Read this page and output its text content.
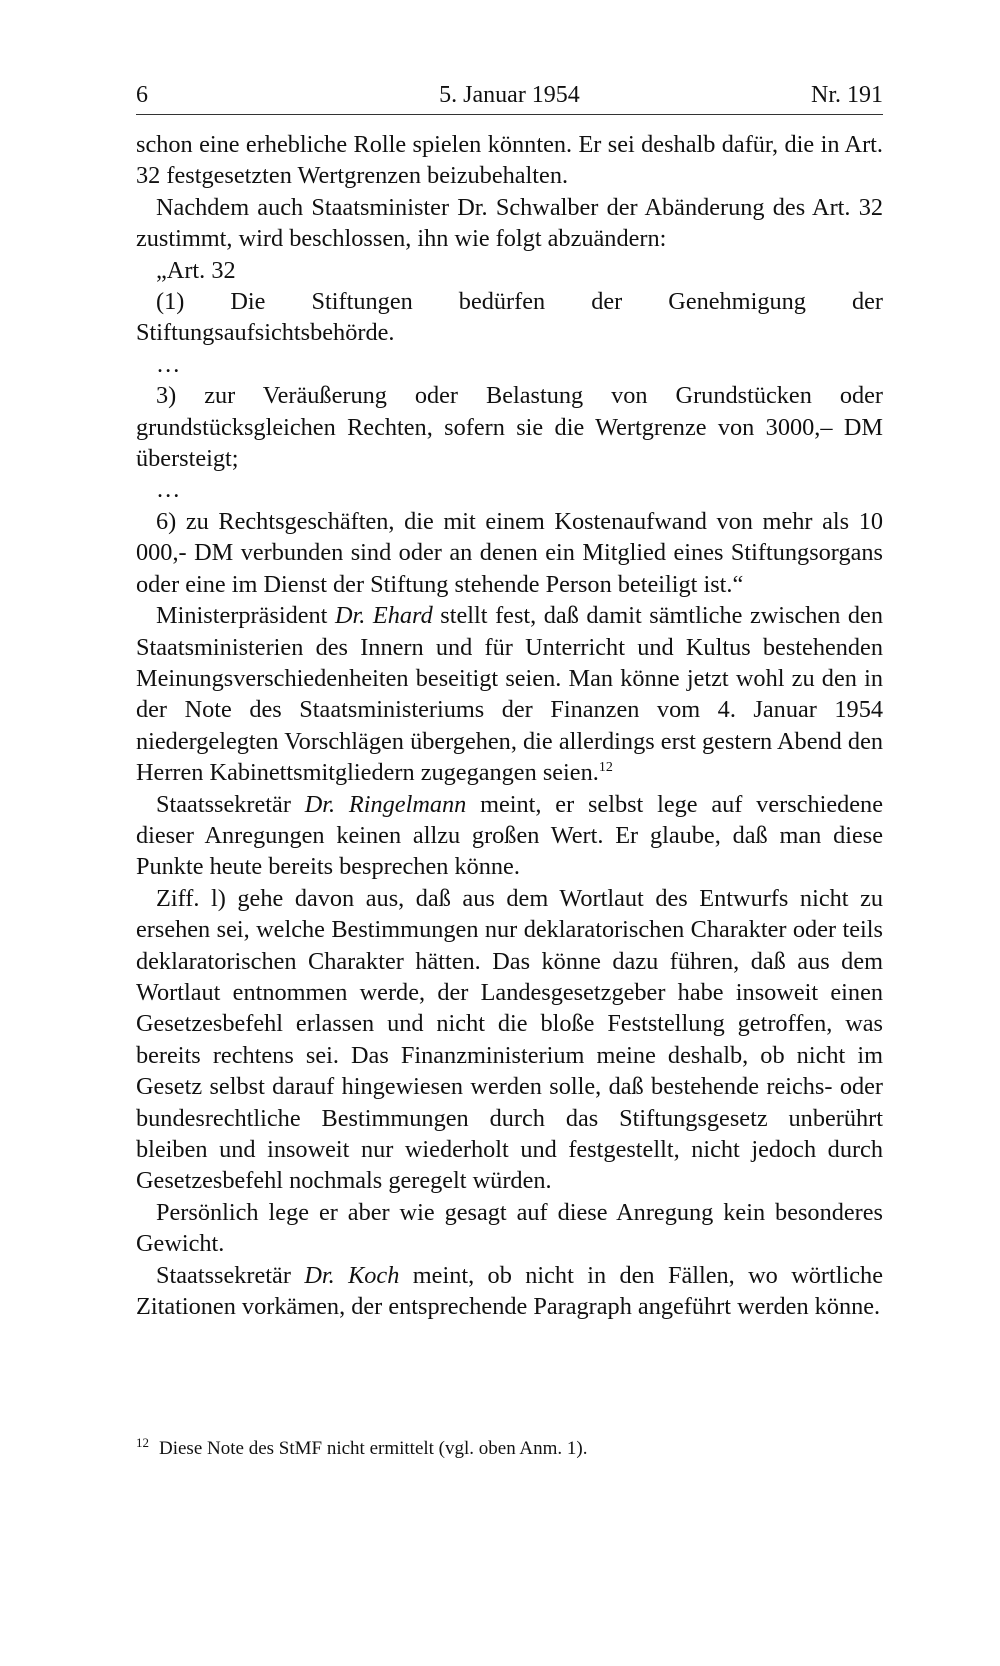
6	5. Januar 1954	Nr. 191

schon eine erhebliche Rolle spielen könnten. Er sei deshalb dafür, die in Art. 32 festgesetzten Wertgrenzen beizubehalten.

Nachdem auch Staatsminister Dr. Schwalber der Abänderung des Art. 32 zustimmt, wird beschlossen, ihn wie folgt abzuändern:

„Art. 32

(1) Die Stiftungen bedürfen der Genehmigung der Stiftungsaufsichtsbehörde.

…

3) zur Veräußerung oder Belastung von Grundstücken oder grundstücksgleichen Rechten, sofern sie die Wertgrenze von 3000,– DM übersteigt;

…

6) zu Rechtsgeschäften, die mit einem Kostenaufwand von mehr als 10 000,- DM verbunden sind oder an denen ein Mitglied eines Stiftungsorgans oder eine im Dienst der Stiftung stehende Person beteiligt ist.“

Ministerpräsident Dr. Ehard stellt fest, daß damit sämtliche zwischen den Staatsministerien des Innern und für Unterricht und Kultus bestehenden Meinungsverschiedenheiten beseitigt seien. Man könne jetzt wohl zu den in der Note des Staatsministeriums der Finanzen vom 4. Januar 1954 niedergelegten Vorschlägen übergehen, die allerdings erst gestern Abend den Herren Kabinettsmitgliedern zugegangen seien.$^{12}$

Staatssekretär Dr. Ringelmann meint, er selbst lege auf verschiedene dieser Anregungen keinen allzu großen Wert. Er glaube, daß man diese Punkte heute bereits besprechen könne.

Ziff. l) gehe davon aus, daß aus dem Wortlaut des Entwurfs nicht zu ersehen sei, welche Bestimmungen nur deklaratorischen Charakter oder teils deklaratorischen Charakter hätten. Das könne dazu führen, daß aus dem Wortlaut entnommen werde, der Landesgesetzgeber habe insoweit einen Gesetzesbefehl erlassen und nicht die bloße Feststellung getroffen, was bereits rechtens sei. Das Finanzministerium meine deshalb, ob nicht im Gesetz selbst darauf hingewiesen werden solle, daß bestehende reichs- oder bundesrechtliche Bestimmungen durch das Stiftungsgesetz unberührt bleiben und insoweit nur wiederholt und festgestellt, nicht jedoch durch Gesetzesbefehl nochmals geregelt würden.

Persönlich lege er aber wie gesagt auf diese Anregung kein besonderes Gewicht.

Staatssekretär Dr. Koch meint, ob nicht in den Fällen, wo wörtliche Zitationen vorkämen, der entsprechende Paragraph angeführt werden könne.

$^{12}$ Diese Note des StMF nicht ermittelt (vgl. oben Anm. 1).
